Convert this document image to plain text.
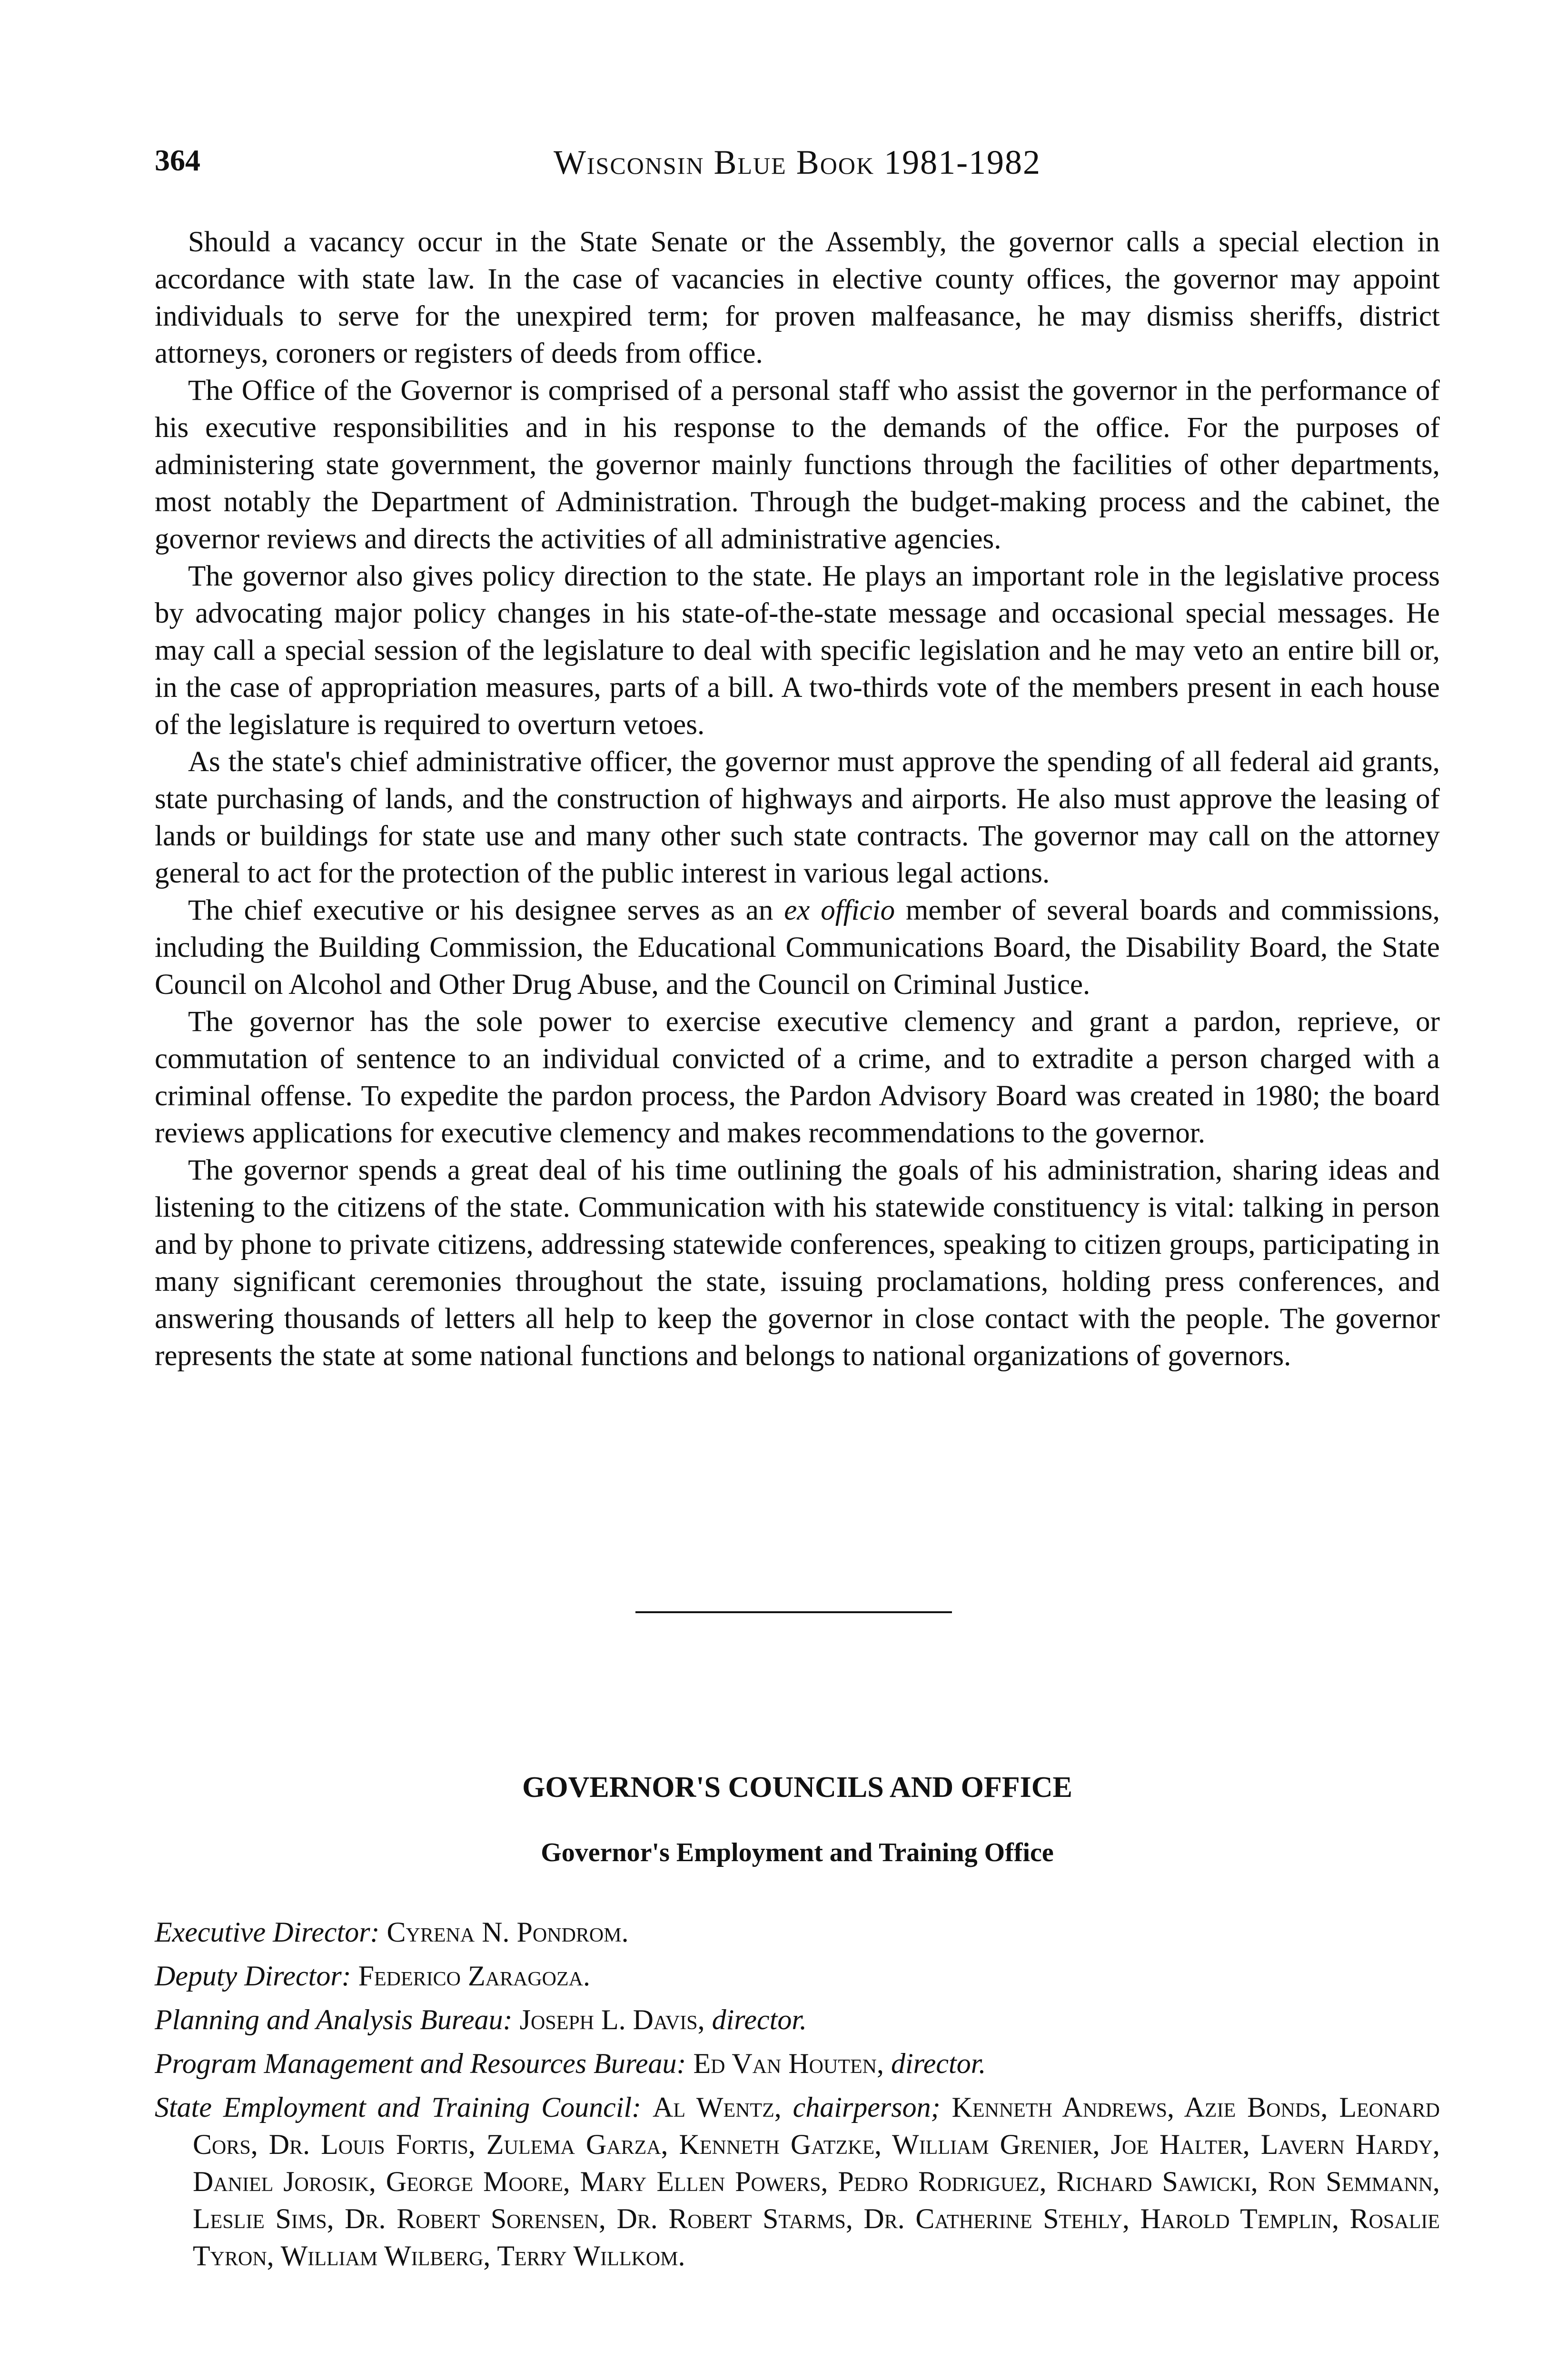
364	Wisconsin Blue Book 1981-1982

Should a vacancy occur in the State Senate or the Assembly, the governor calls a special election in accordance with state law. In the case of vacancies in elective county offices, the governor may appoint individuals to serve for the unexpired term; for proven malfeasance, he may dismiss sheriffs, district attorneys, coroners or registers of deeds from office.

The Office of the Governor is comprised of a personal staff who assist the governor in the performance of his executive responsibilities and in his response to the demands of the office. For the purposes of administering state government, the governor mainly functions through the facilities of other departments, most notably the Department of Administration. Through the budget-making process and the cabinet, the governor reviews and directs the activities of all administrative agencies.

The governor also gives policy direction to the state. He plays an important role in the legislative process by advocating major policy changes in his state-of-the-state message and occasional special messages. He may call a special session of the legislature to deal with specific legislation and he may veto an entire bill or, in the case of appropriation measures, parts of a bill. A two-thirds vote of the members present in each house of the legislature is required to overturn vetoes.

As the state's chief administrative officer, the governor must approve the spending of all federal aid grants, state purchasing of lands, and the construction of highways and airports. He also must approve the leasing of lands or buildings for state use and many other such state contracts. The governor may call on the attorney general to act for the protection of the public interest in various legal actions.

The chief executive or his designee serves as an ex officio member of several boards and commissions, including the Building Commission, the Educational Communications Board, the Disability Board, the State Council on Alcohol and Other Drug Abuse, and the Council on Criminal Justice.

The governor has the sole power to exercise executive clemency and grant a pardon, reprieve, or commutation of sentence to an individual convicted of a crime, and to extradite a person charged with a criminal offense. To expedite the pardon process, the Pardon Advisory Board was created in 1980; the board reviews applications for executive clemency and makes recommendations to the governor.

The governor spends a great deal of his time outlining the goals of his administration, sharing ideas and listening to the citizens of the state. Communication with his statewide constituency is vital: talking in person and by phone to private citizens, addressing statewide conferences, speaking to citizen groups, participating in many significant ceremonies throughout the state, issuing proclamations, holding press conferences, and answering thousands of letters all help to keep the governor in close contact with the people. The governor represents the state at some national functions and belongs to national organizations of governors.

GOVERNOR'S COUNCILS AND OFFICE
Governor's Employment and Training Office

Executive Director: Cyrena N. Pondrom.

Deputy Director: Federico Zaragoza.

Planning and Analysis Bureau: Joseph L. Davis, director.

Program Management and Resources Bureau: Ed Van Houten, director.

State Employment and Training Council: Al Wentz, chairperson; Kenneth Andrews, Azie Bonds, Leonard Cors, Dr. Louis Fortis, Zulema Garza, Kenneth Gatzke, William Grenier, Joe Halter, Lavern Hardy, Daniel Jorosik, George Moore, Mary Ellen Powers, Pedro Rodriguez, Richard Sawicki, Ron Semmann, Leslie Sims, Dr. Robert Sorensen, Dr. Robert Starms, Dr. Catherine Stehly, Harold Templin, Rosalie Tyron, William Wilberg, Terry Willkom.
